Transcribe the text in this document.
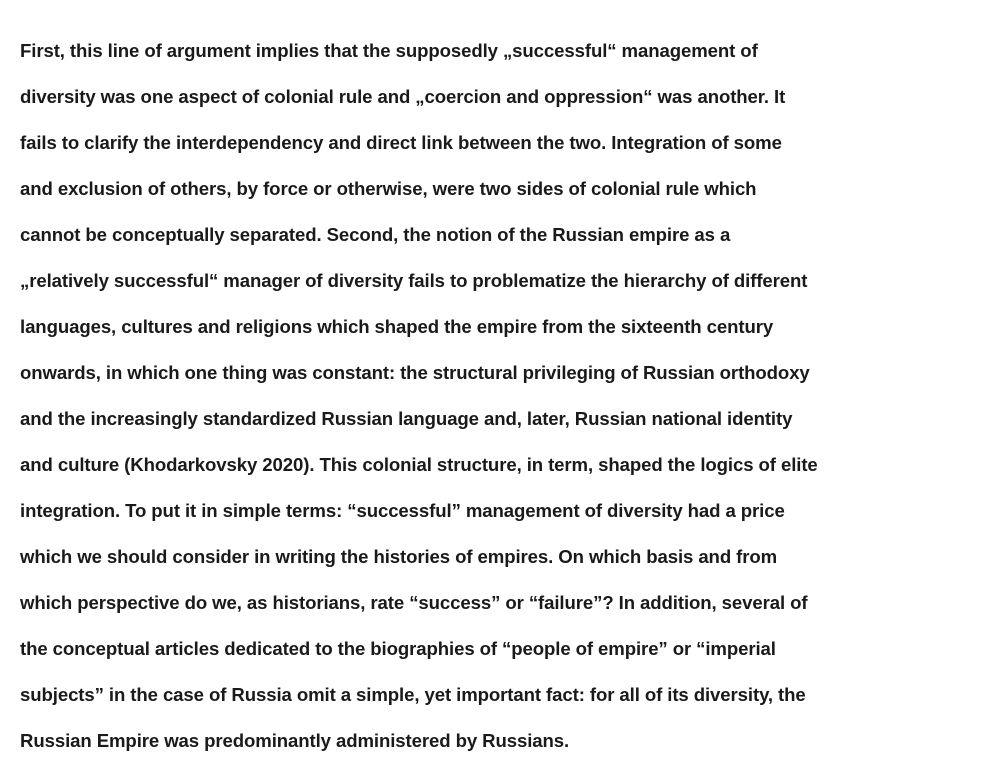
First, this line of argument implies that the supposedly „successful“ management of
diversity was one aspect of colonial rule and „coercion and oppression“ was another. It
fails to clarify the interdependency and direct link between the two. Integration of some
and exclusion of others, by force or otherwise, were two sides of colonial rule which
cannot be conceptually separated. Second, the notion of the Russian empire as a
„relatively successful“ manager of diversity fails to problematize the hierarchy of different
languages, cultures and religions which shaped the empire from the sixteenth century
onwards, in which one thing was constant: the structural privileging of Russian orthodoxy
and the increasingly standardized Russian language and, later, Russian national identity
and culture (Khodarkovsky 2020). This colonial structure, in term, shaped the logics of elite
integration. To put it in simple terms: “successful” management of diversity had a price
which we should consider in writing the histories of empires. On which basis and from
which perspective do we, as historians, rate “success” or “failure”? In addition, several of
the conceptual articles dedicated to the biographies of “people of empire” or “imperial
subjects” in the case of Russia omit a simple, yet important fact: for all of its diversity, the
Russian Empire was predominantly administered by Russians.
